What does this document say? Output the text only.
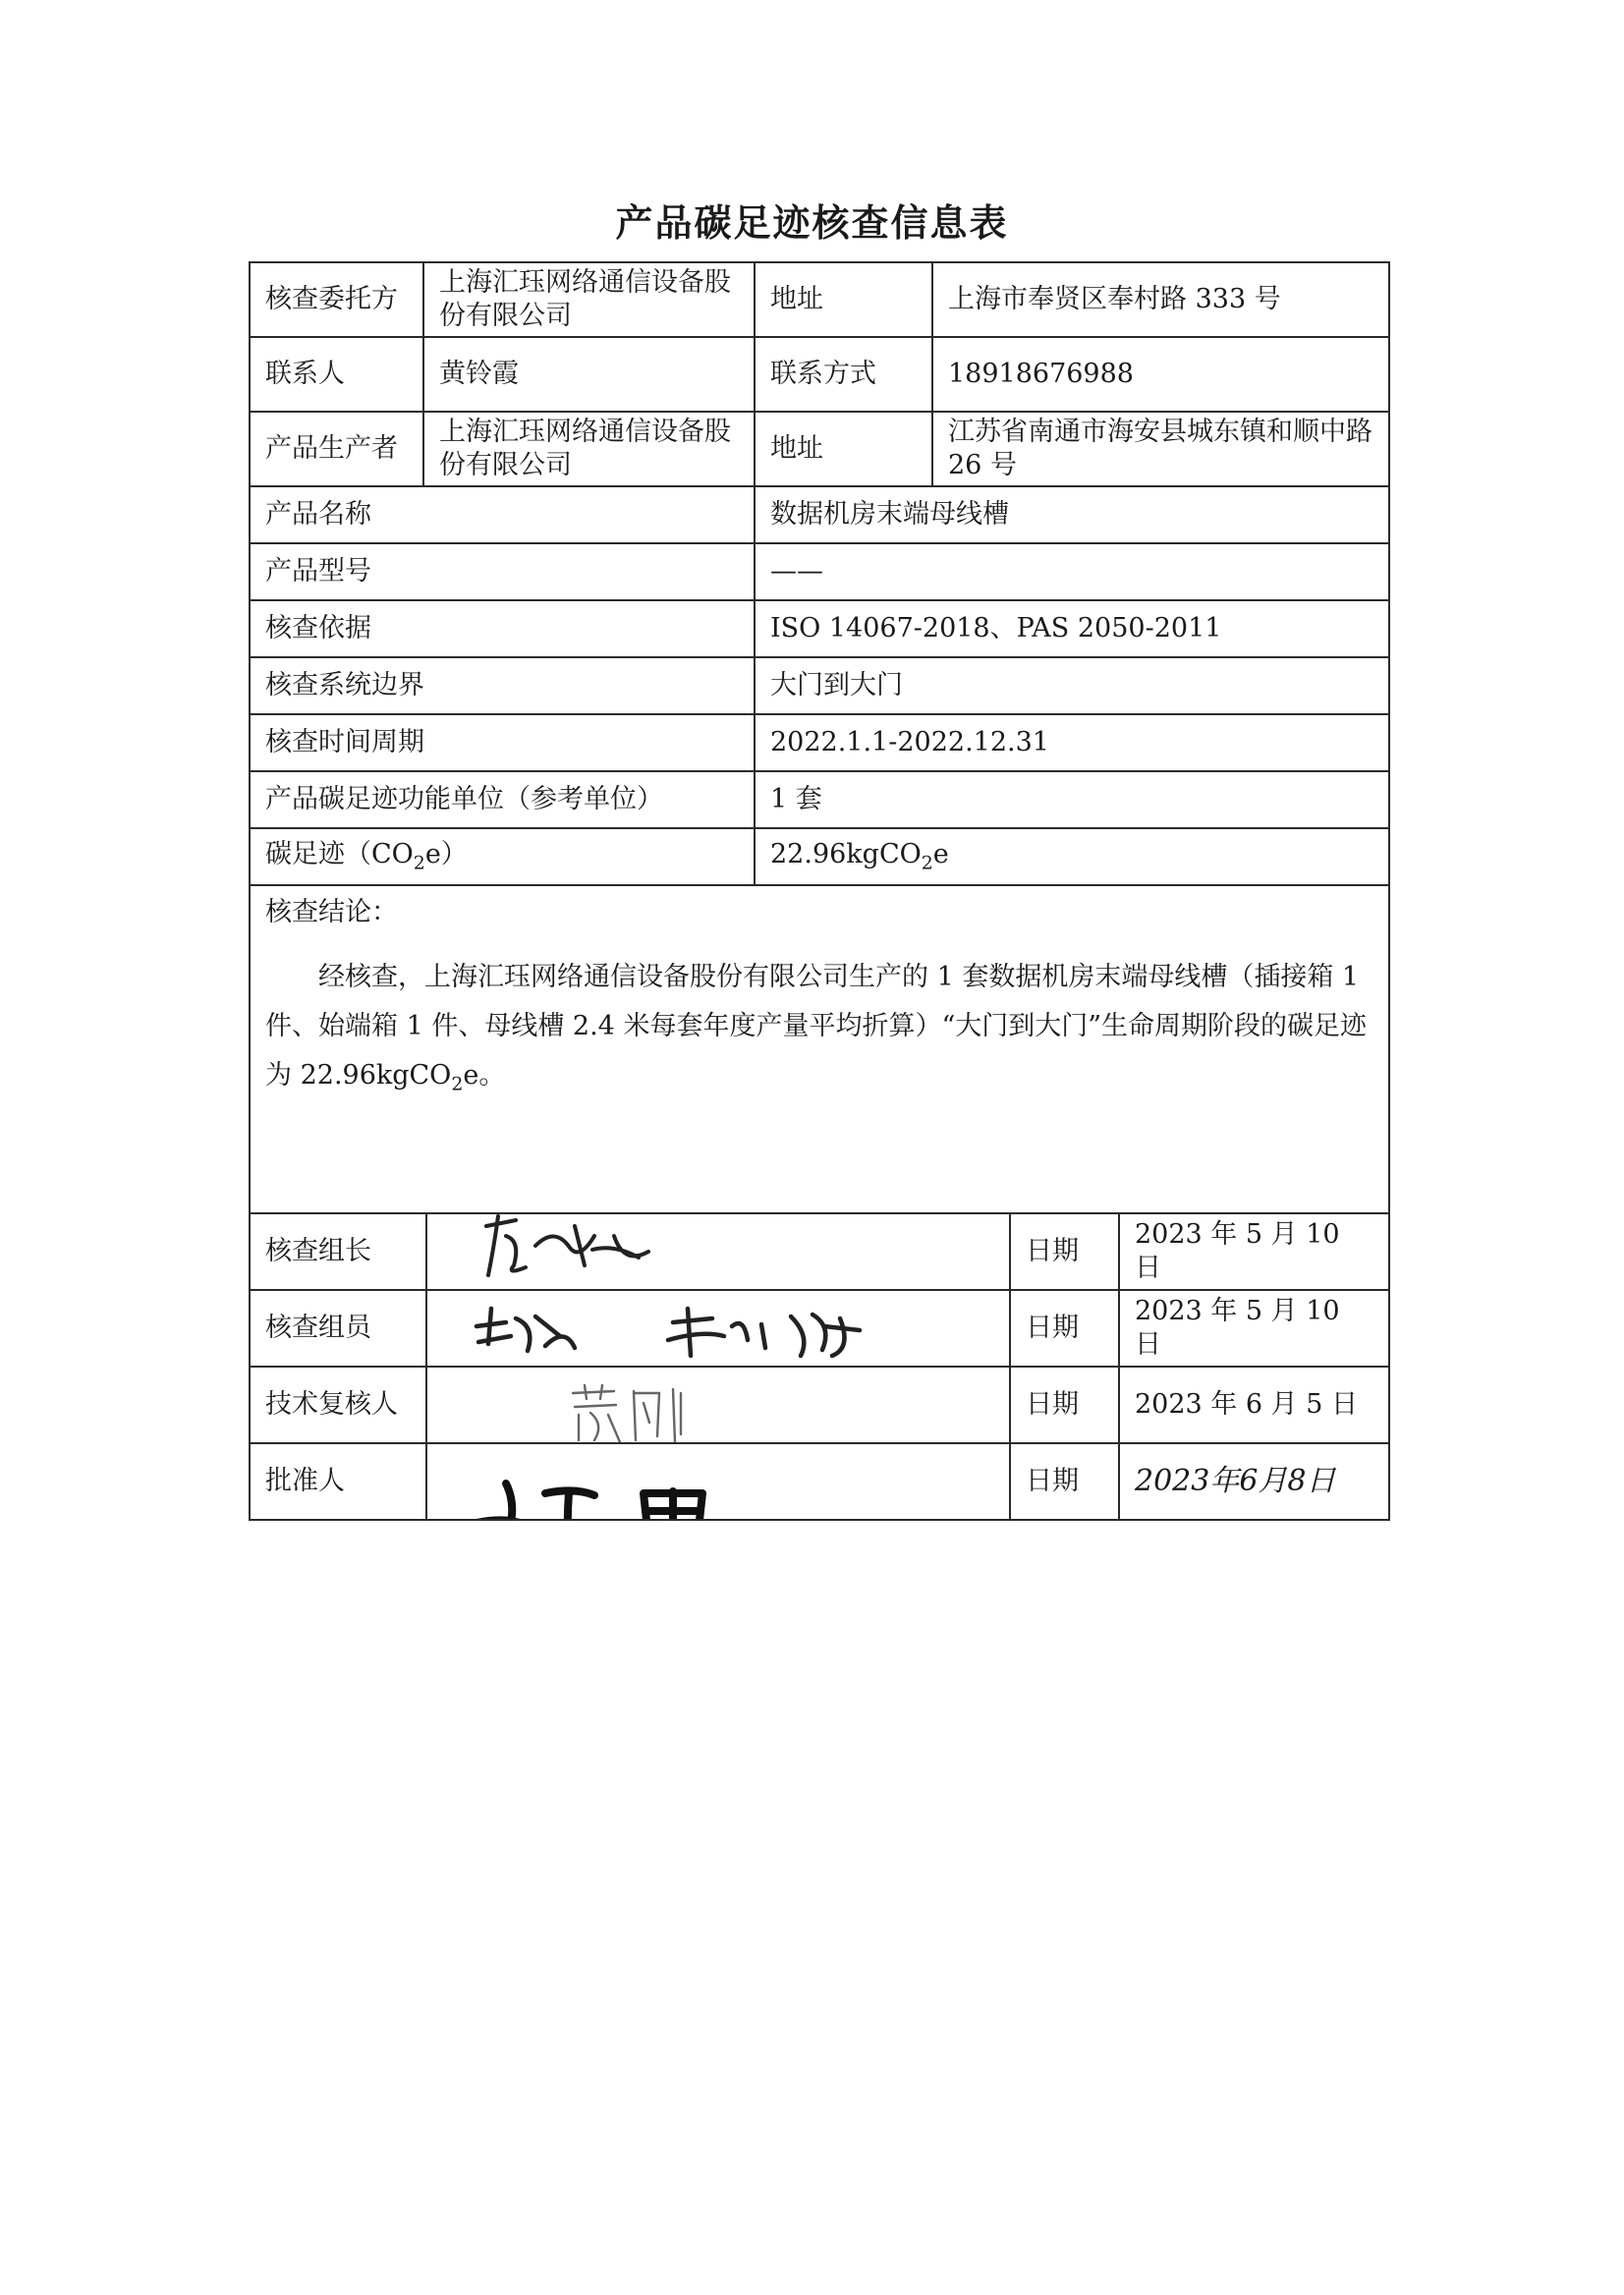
产品碳足迹核查信息表
核查委托方	上海汇珏网络通信设备股份有限公司	地址	上海市奉贤区奉村路 333 号
联系人	黄铃霞	联系方式	18918676988
产品生产者	上海汇珏网络通信设备股份有限公司	地址	江苏省南通市海安县城东镇和顺中路 26 号
产品名称		数据机房末端母线槽	
产品型号		——	
核查依据		ISO 14067-2018、PAS 2050-2011	
核查系统边界		大门到大门	
核查时间周期		2022.1.1-2022.12.31	
产品碳足迹功能单位（参考单位）		1 套	
碳足迹$(CO_2e)$		22.96kgCO$_2$e	

核查结论：
经核查，上海汇珏网络通信设备股份有限公司生产的 1 套数据机房末端母线槽（插接箱 1 件、始端箱 1 件、母线槽 2.4 米每套年度产量平均折算）“大门到大门”生命周期阶段的碳足迹为 22.96kgCO$_2$e。			
核查组长		日期	2023 年 5 月 10 日
核查组员		日期	2023 年 5 月 10 日
技术复核人		日期	2023 年 6 月 5 日
批准人		日期	2023年6月8日
